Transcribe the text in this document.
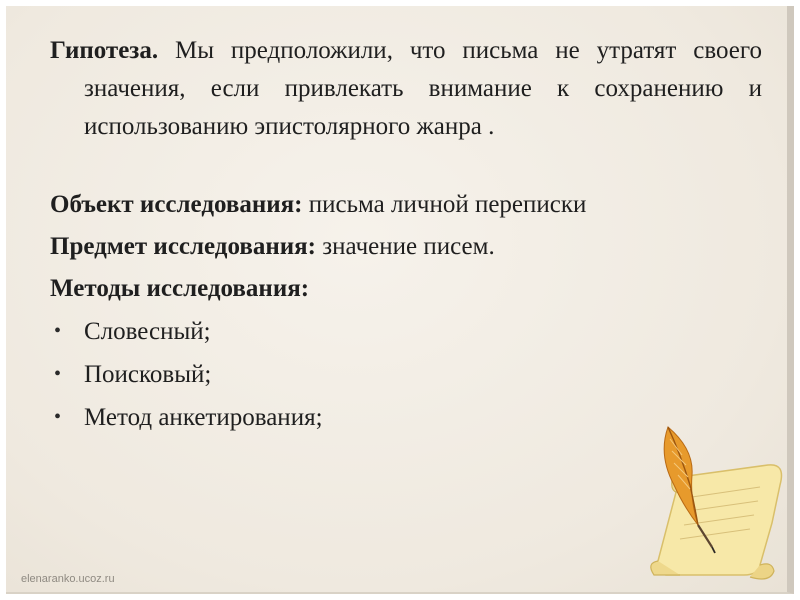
Гипотеза. Мы предположили, что письма не утратят своего значения, если привлекать внимание к сохранению и использованию эпистолярного жанра .

Объект исследования: письма личной переписки

Предмет исследования: значение писем.

Методы исследования:

• Словесный;
• Поисковый;
• Метод анкетирования;
elenaranko.ucoz.ru
